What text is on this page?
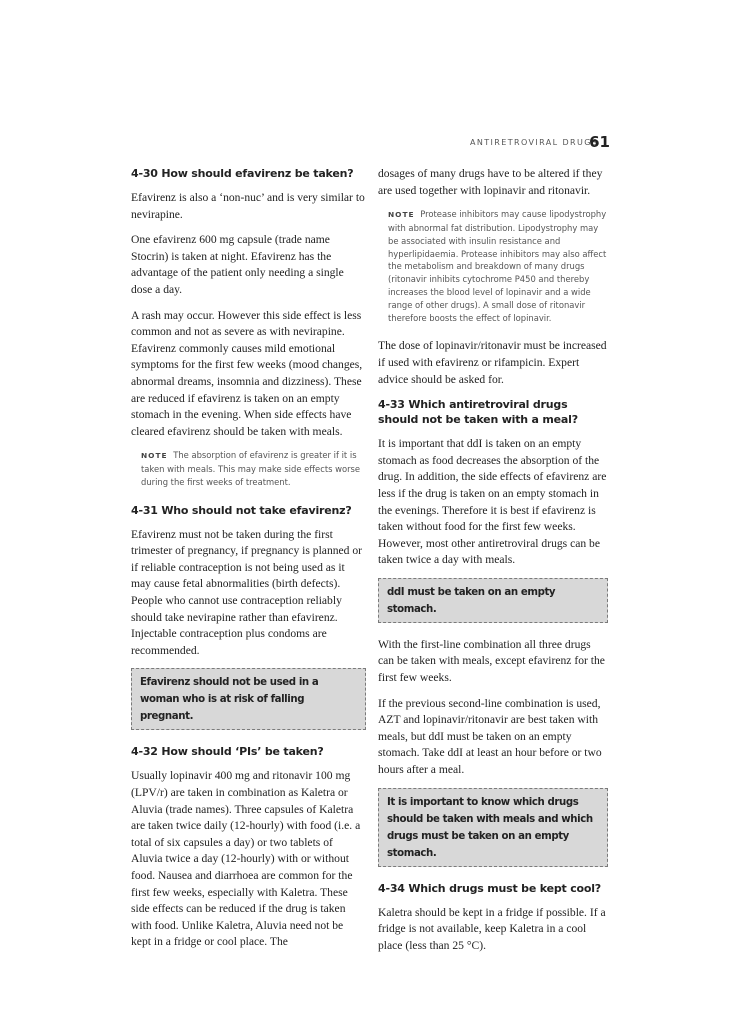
ANTIRETROVIRAL DRUGS
61
4-30 How should efavirenz be taken?

Efavirenz is also a ‘non-nuc’ and is very similar to nevirapine.

One efavirenz 600 mg capsule (trade name Stocrin) is taken at night. Efavirenz has the advantage of the patient only needing a single dose a day.

A rash may occur. However this side effect is less common and not as severe as with nevirapine. Efavirenz commonly causes mild emotional symptoms for the first few weeks (mood changes, abnormal dreams, insomnia and dizziness). These are reduced if efavirenz is taken on an empty stomach in the evening. When side effects have cleared efavirenz should be taken with meals.

NOTE The absorption of efavirenz is greater if it is taken with meals. This may make side effects worse during the first weeks of treatment.
4-31 Who should not take efavirenz?

Efavirenz must not be taken during the first trimester of pregnancy, if pregnancy is planned or if reliable contraception is not being used as it may cause fetal abnormalities (birth defects). People who cannot use contraception reliably should take nevirapine rather than efavirenz. Injectable contraception plus condoms are recommended.

Efavirenz should not be used in a woman who is at risk of falling pregnant.
4-32 How should ‘PIs’ be taken?

Usually lopinavir 400 mg and ritonavir 100 mg (LPV/r) are taken in combination as Kaletra or Aluvia (trade names). Three capsules of Kaletra are taken twice daily (12-hourly) with food (i.e. a total of six capsules a day) or two tablets of Aluvia twice a day (12-hourly) with or without food. Nausea and diarrhoea are common for the first few weeks, especially with Kaletra. These side effects can be reduced if the drug is taken with food. Unlike Kaletra, Aluvia need not be kept in a fridge or cool place. The

dosages of many drugs have to be altered if they are used together with lopinavir and ritonavir.

NOTE Protease inhibitors may cause lipodystrophy with abnormal fat distribution. Lipodystrophy may be associated with insulin resistance and hyperlipidaemia. Protease inhibitors may also affect the metabolism and breakdown of many drugs (ritonavir inhibits cytochrome P450 and thereby increases the blood level of lopinavir and a wide range of other drugs). A small dose of ritonavir therefore boosts the effect of lopinavir.

The dose of lopinavir/ritonavir must be increased if used with efavirenz or rifampicin. Expert advice should be asked for.

4-33 Which antiretroviral drugs should not be taken with a meal?

It is important that ddI is taken on an empty stomach as food decreases the absorption of the drug. In addition, the side effects of efavirenz are less if the drug is taken on an empty stomach in the evenings. Therefore it is best if efavirenz is taken without food for the first few weeks. However, most other antiretroviral drugs can be taken twice a day with meals.

ddI must be taken on an empty stomach.

With the first-line combination all three drugs can be taken with meals, except efavirenz for the first few weeks.

If the previous second-line combination is used, AZT and lopinavir/ritonavir are best taken with meals, but ddI must be taken on an empty stomach. Take ddI at least an hour before or two hours after a meal.

It is important to know which drugs should be taken with meals and which drugs must be taken on an empty stomach.
4-34 Which drugs must be kept cool?

Kaletra should be kept in a fridge if possible. If a fridge is not available, keep Kaletra in a cool place (less than 25 °C).
